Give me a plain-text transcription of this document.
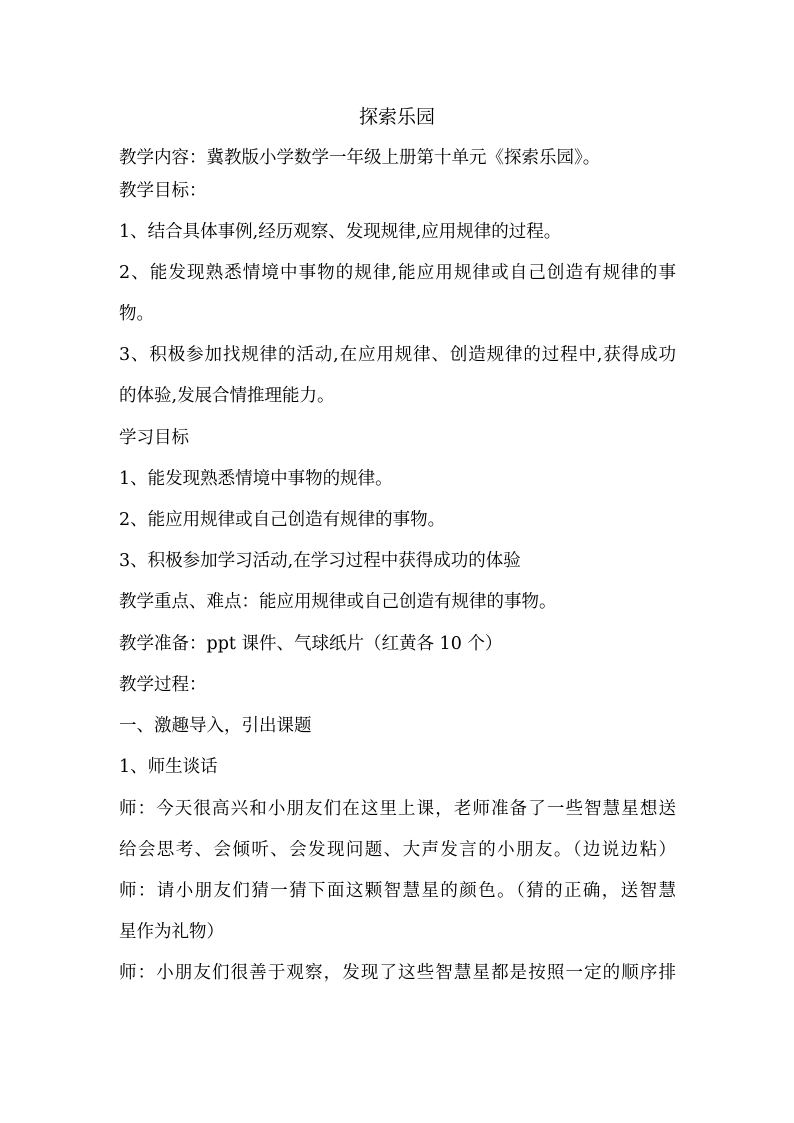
探索乐园
教学内容：冀教版小学数学一年级上册第十单元《探索乐园》。
教学目标：
1、结合具体事例,经历观察、发现规律,应用规律的过程。
2、能发现熟悉情境中事物的规律,能应用规律或自己创造有规律的事
物。
3、积极参加找规律的活动,在应用规律、创造规律的过程中,获得成功
的体验,发展合情推理能力。
学习目标
1、能发现熟悉情境中事物的规律。
2、能应用规律或自己创造有规律的事物。
3、积极参加学习活动,在学习过程中获得成功的体验
教学重点、难点：能应用规律或自己创造有规律的事物。
教学准备：ppt 课件、气球纸片（红黄各 10 个）
教学过程：
一、激趣导入，引出课题
1、师生谈话
师：今天很高兴和小朋友们在这里上课，老师准备了一些智慧星想送
给会思考、会倾听、会发现问题、大声发言的小朋友。（边说边粘）
师：请小朋友们猜一猜下面这颗智慧星的颜色。（猜的正确，送智慧
星作为礼物）
师：小朋友们很善于观察，发现了这些智慧星都是按照一定的顺序排
